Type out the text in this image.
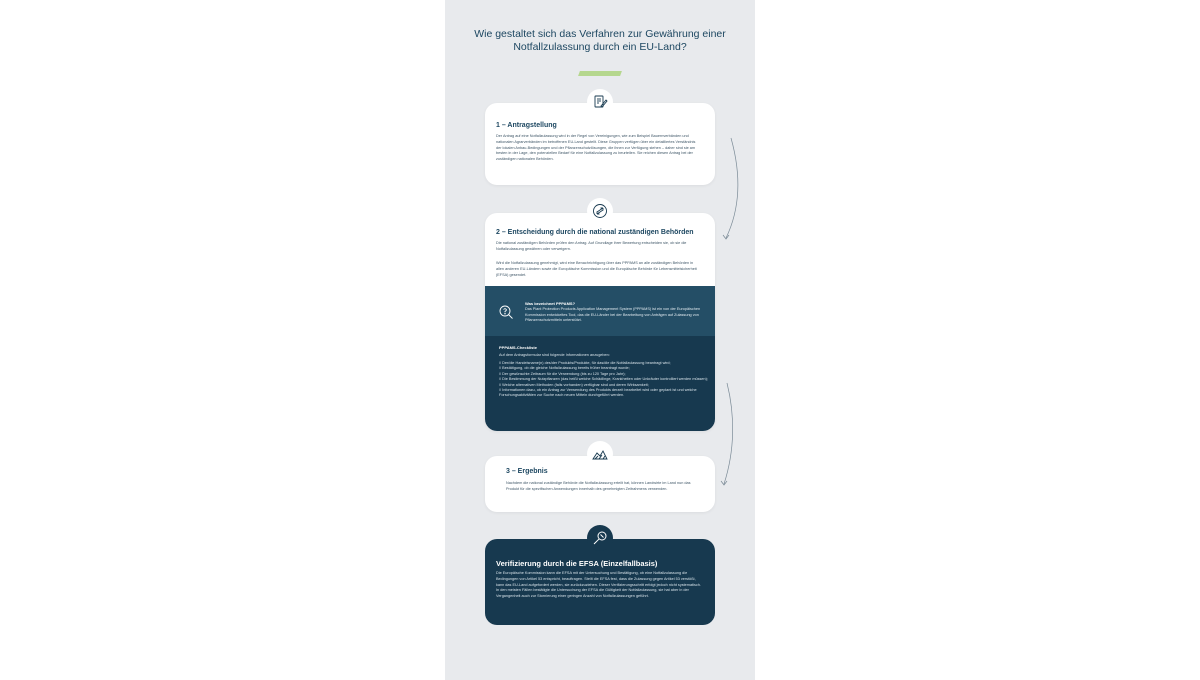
Wie gestaltet sich das Verfahren zur Gewährung einer Notfallzulassung durch ein EU-Land?
1 – Antragstellung
Der Antrag auf eine Notfallzulassung wird in der Regel von Vereinigungen, wie zum Beispiel Bauernverbänden und nationalen Agrarverbänden im betroffenen EU-Land gestellt. Diese Gruppen verfügen über ein detailliertes Verständnis der lokalen Anbau-Bedingungen und der Pflanzenschutzlösungen, die ihnen zur Verfügung stehen – daher sind sie am besten in der Lage, den potenziellen Bedarf für eine Notfallzulassung zu beurteilen. Sie reichen diesen Antrag bei der zuständigen nationalen Behörden.
2 – Entscheidung durch die national zuständigen Behörden
Die national zuständigen Behörden prüfen den Antrag. Auf Grundlage ihrer Bewertung entscheiden sie, ob sie die Notfallzulassung gewähren oder verweigern.
Wird die Notfallzulassung genehmigt, wird eine Benachrichtigung über das PPPAMS an alle zuständigen Behörden in allen anderen EU-Ländern sowie die Europäische Kommission und die Europäische Behörde für Lebensmittelsicherheit (EFSA) gesendet.
Was bezeichnet PPPAMS?
Das Plant Protection Products Application Management System (PPPAMS) ist ein von der Europäischen Kommission entwickeltes Tool, das die EU-Länder bei der Bearbeitung von Anträgen auf Zulassung von Pflanzenschutzmitteln unterstützt.
PPPAMS-Checkliste
Auf dem Antragsformular sind folgende Informationen anzugeben:
// Der/die Handelsname(n) des/der Produkts/Produkte, für das/die die Notfallzulassung beantragt wird;
// Bestätigung, ob die gleiche Notfallzulassung bereits früher beantragt wurde;
// Der gewünschte Zeitraum für die Verwendung (bis zu 120 Tage pro Jahr);
// Die Bestimmung der Nutzpflanzen (das heißt welche Schädlinge, Krankheiten oder Unkräuter kontrolliert werden müssen);
// Welche alternativen Methoden (falls vorhanden) verfügbar sind und deren Wirksamkeit;
// Informationen dazu, ob ein Antrag zur Verwendung des Produkts derzeit bearbeitet wird oder geplant ist und welche Forschungsaktivitäten zur Suche nach neuen Mitteln durchgeführt werden.
3 – Ergebnis
Nachdem die national zuständige Behörde die Notfallzulassung erteilt hat, können Landwirte im Land nun das Produkt für die spezifischen Anwendungen innerhalb des genehmigten Zeitrahmens verwenden.
Verifizierung durch die EFSA (Einzelfallbasis)
Die Europäische Kommission kann die EFSA mit der Untersuchung und Bestätigung, ob eine Notfallzulassung die Bedingungen von Artikel 53 entspricht, beauftragen. Stellt die EFSA fest, dass die Zulassung gegen Artikel 53 verstößt, kann das EU-Land aufgefordert werden, sie zurückzuziehen. Dieser Verifizierungsschritt erfolgt jedoch nicht systematisch. In den meisten Fällen bestätigte die Untersuchung der EFSA die Gültigkeit der Notfallzulassung, sie hat aber in der Vergangenheit auch zur Stornierung einer geringen Anzahl von Notfallzulassungen geführt.
